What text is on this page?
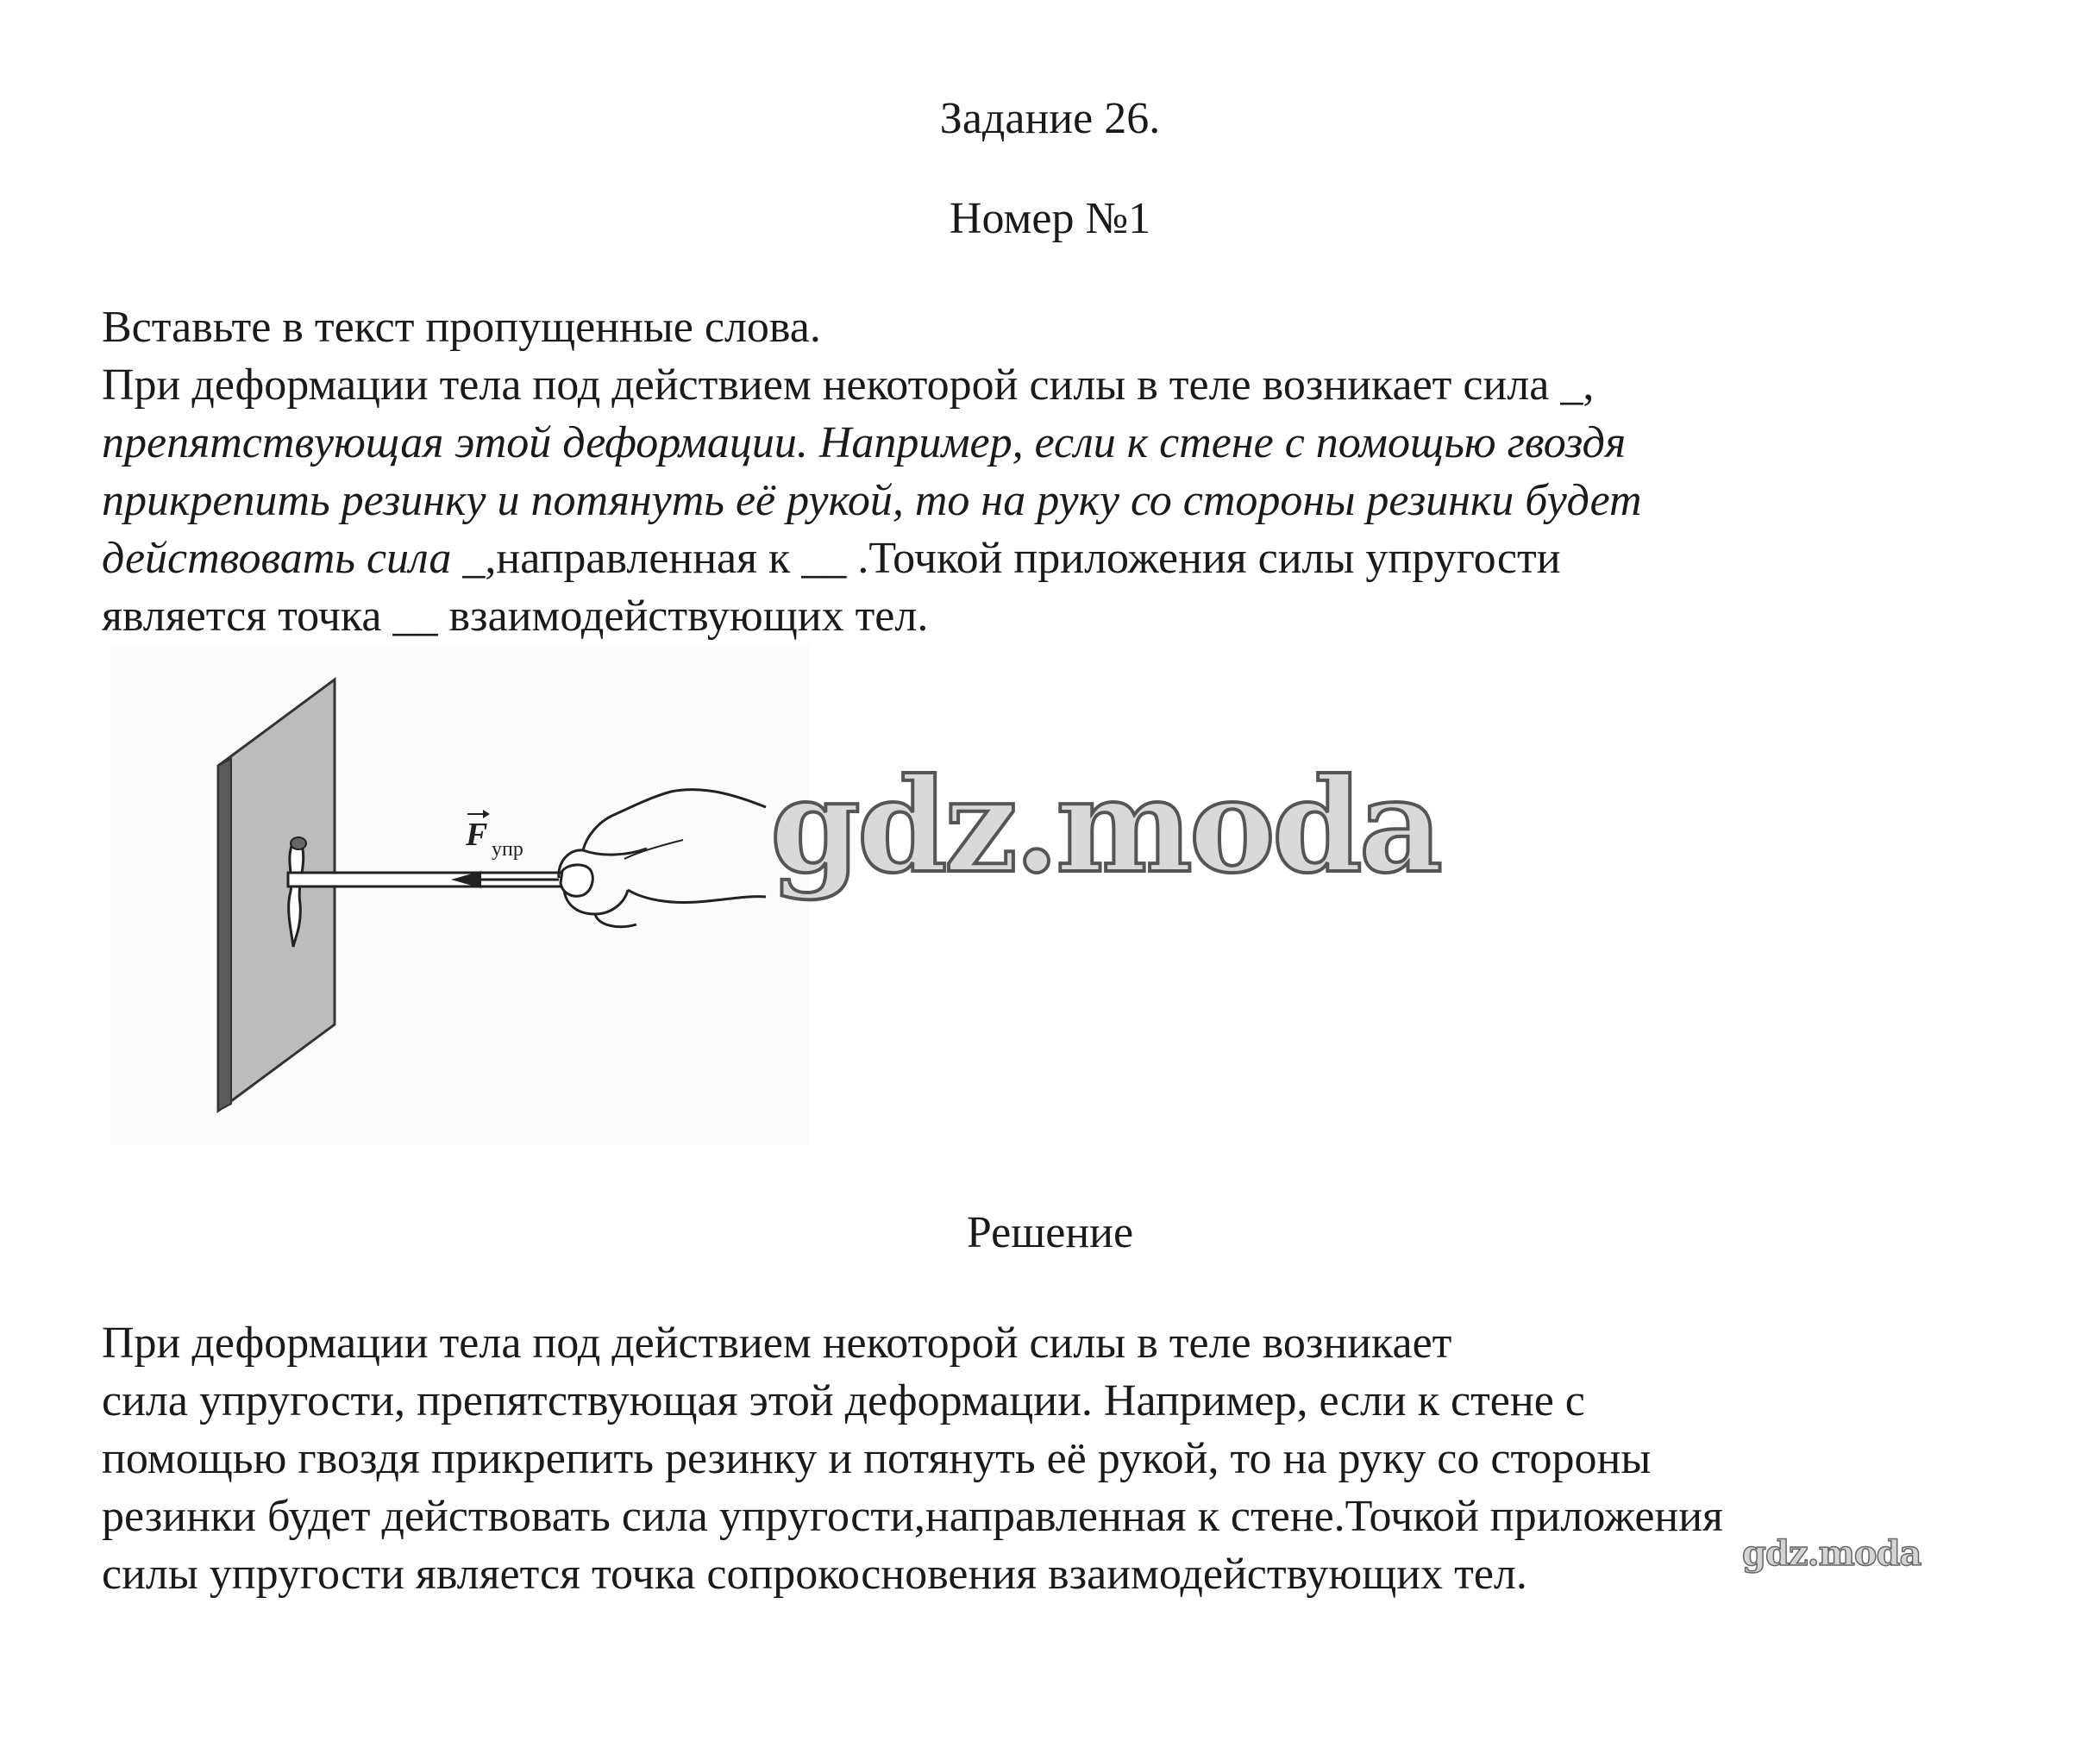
Задание 26.
Номер №1
Вставьте в текст пропущенные слова.
При деформации тела под действием некоторой силы в теле возникает сила _,
препятствующая этой деформации. Например, если к стене с помощью гвоздя
прикрепить резинку и потянуть её рукой, то на руку со стороны резинки будет
действовать сила _,направленная к __ .Точкой приложения силы упругости
является точка __ взаимодействующих тел.
F упр
Решение
При деформации тела под действием некоторой силы в теле возникает
сила упругости, препятствующая этой деформации. Например, если к стене с
помощью гвоздя прикрепить резинку и потянуть её рукой, то на руку со стороны
резинки будет действовать сила упругости,направленная к стене.Точкой приложения
силы упругости является точка сопрокосновения взаимодействующих тел.
gdz.moda
gdz.moda
